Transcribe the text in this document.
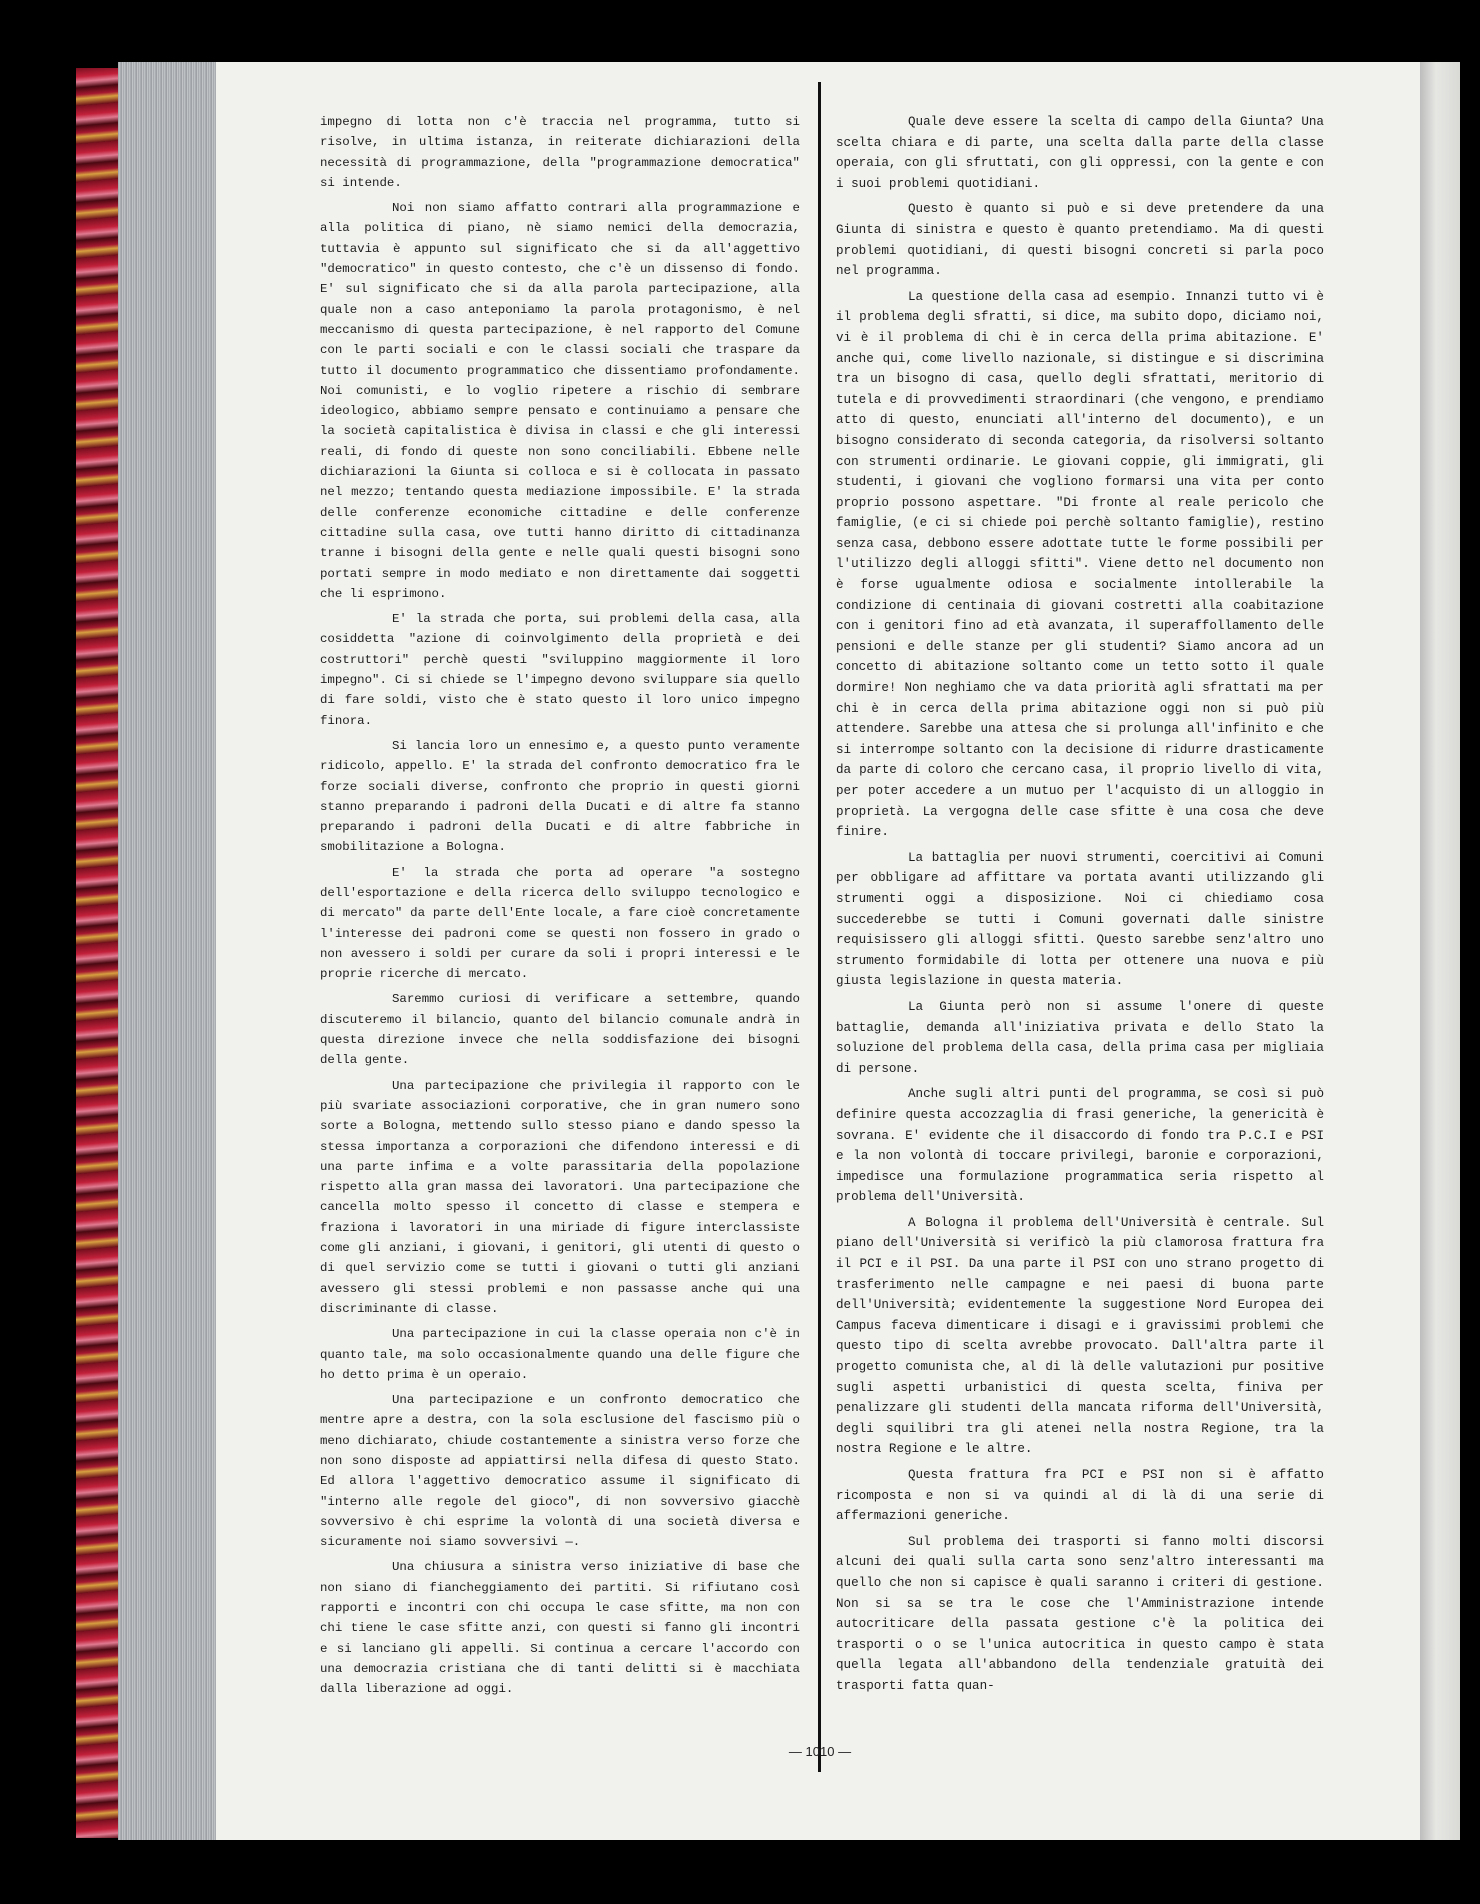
impegno di lotta non c'è traccia nel programma, tutto si risolve, in ultima istanza, in reiterate dichiarazioni della necessità di programmazione, della "programmazione democratica" si intende.

Noi non siamo affatto contrari alla programmazione e alla politica di piano, nè siamo nemici della democrazia, tuttavia è appunto sul significato che si da all'aggettivo "democratico" in questo contesto, che c'è un dissenso di fondo. E' sul significato che si da alla parola partecipazione, alla quale non a caso anteponiamo la parola protagonismo, è nel meccanismo di questa partecipazione, è nel rapporto del Comune con le parti sociali e con le classi sociali che traspare da tutto il documento programmatico che dissentiamo profondamente. Noi comunisti, e lo voglio ripetere a rischio di sembrare ideologico, abbiamo sempre pensato e continuiamo a pensare che la società capitalistica è divisa in classi e che gli interessi reali, di fondo di queste non sono conciliabili. Ebbene nelle dichiarazioni la Giunta si colloca e si è collocata in passato nel mezzo; tentando questa mediazione impossibile. E' la strada delle conferenze economiche cittadine e delle conferenze cittadine sulla casa, ove tutti hanno diritto di cittadinanza tranne i bisogni della gente e nelle quali questi bisogni sono portati sempre in modo mediato e non direttamente dai soggetti che li esprimono.

E' la strada che porta, sui problemi della casa, alla cosiddetta "azione di coinvolgimento della proprietà e dei costruttori" perchè questi "sviluppino maggiormente il loro impegno". Ci si chiede se l'impegno devono sviluppare sia quello di fare soldi, visto che è stato questo il loro unico impegno finora.

Si lancia loro un ennesimo e, a questo punto veramente ridicolo, appello. E' la strada del confronto democratico fra le forze sociali diverse, confronto che proprio in questi giorni stanno preparando i padroni della Ducati e di altre fa stanno preparando i padroni della Ducati e di altre fabbriche in smobilitazione a Bologna.

E' la strada che porta ad operare "a sostegno dell'esportazione e della ricerca dello sviluppo tecnologico e di mercato" da parte dell'Ente locale, a fare cioè concretamente l'interesse dei padroni come se questi non fossero in grado o non avessero i soldi per curare da soli i propri interessi e le proprie ricerche di mercato.

Saremmo curiosi di verificare a settembre, quando discuteremo il bilancio, quanto del bilancio comunale andrà in questa direzione invece che nella soddisfazione dei bisogni della gente.

Una partecipazione che privilegia il rapporto con le più svariate associazioni corporative, che in gran numero sono sorte a Bologna, mettendo sullo stesso piano e dando spesso la stessa importanza a corporazioni che difendono interessi e di una parte infima e a volte parassitaria della popolazione rispetto alla gran massa dei lavoratori. Una partecipazione che cancella molto spesso il concetto di classe e stempera e fraziona i lavoratori in una miriade di figure interclassiste come gli anziani, i giovani, i genitori, gli utenti di questo o di quel servizio come se tutti i giovani o tutti gli anziani avessero gli stessi problemi e non passasse anche qui una discriminante di classe.

Una partecipazione in cui la classe operaia non c'è in quanto tale, ma solo occasionalmente quando una delle figure che ho detto prima è un operaio.

Una partecipazione e un confronto democratico che mentre apre a destra, con la sola esclusione del fascismo più o meno dichiarato, chiude costantemente a sinistra verso forze che non sono disposte ad appiattirsi nella difesa di questo Stato. Ed allora l'aggettivo democratico assume il significato di "interno alle regole del gioco", di non sovversivo giacchè sovversivo è chi esprime la volontà di una società diversa e sicuramente noi siamo sovversivi —.

Una chiusura a sinistra verso iniziative di base che non siano di fiancheggiamento dei partiti. Si rifiutano così rapporti e incontri con chi occupa le case sfitte, ma non con chi tiene le case sfitte anzi, con questi si fanno gli incontri e si lanciano gli appelli. Si continua a cercare l'accordo con una democrazia cristiana che di tanti delitti si è macchiata dalla liberazione ad oggi.

Quale deve essere la scelta di campo della Giunta? Una scelta chiara e di parte, una scelta dalla parte della classe operaia, con gli sfruttati, con gli oppressi, con la gente e con i suoi problemi quotidiani.

Questo è quanto si può e si deve pretendere da una Giunta di sinistra e questo è quanto pretendiamo. Ma di questi problemi quotidiani, di questi bisogni concreti si parla poco nel programma.

La questione della casa ad esempio. Innanzi tutto vi è il problema degli sfratti, si dice, ma subito dopo, diciamo noi, vi è il problema di chi è in cerca della prima abitazione. E' anche qui, come livello nazionale, si distingue e si discrimina tra un bisogno di casa, quello degli sfrattati, meritorio di tutela e di provvedimenti straordinari (che vengono, e prendiamo atto di questo, enunciati all'interno del documento), e un bisogno considerato di seconda categoria, da risolversi soltanto con strumenti ordinarie. Le giovani coppie, gli immigrati, gli studenti, i giovani che vogliono formarsi una vita per conto proprio possono aspettare. "Di fronte al reale pericolo che famiglie, (e ci si chiede poi perchè soltanto famiglie), restino senza casa, debbono essere adottate tutte le forme possibili per l'utilizzo degli alloggi sfitti". Viene detto nel documento non è forse ugualmente odiosa e socialmente intollerabile la condizione di centinaia di giovani costretti alla coabitazione con i genitori fino ad età avanzata, il superaffollamento delle pensioni e delle stanze per gli studenti? Siamo ancora ad un concetto di abitazione soltanto come un tetto sotto il quale dormire! Non neghiamo che va data priorità agli sfrattati ma per chi è in cerca della prima abitazione oggi non si può più attendere. Sarebbe una attesa che si prolunga all'infinito e che si interrompe soltanto con la decisione di ridurre drasticamente da parte di coloro che cercano casa, il proprio livello di vita, per poter accedere a un mutuo per l'acquisto di un alloggio in proprietà. La vergogna delle case sfitte è una cosa che deve finire.

La battaglia per nuovi strumenti, coercitivi ai Comuni per obbligare ad affittare va portata avanti utilizzando gli strumenti oggi a disposizione. Noi ci chiediamo cosa succederebbe se tutti i Comuni governati dalle sinistre requisissero gli alloggi sfitti. Questo sarebbe senz'altro uno strumento formidabile di lotta per ottenere una nuova e più giusta legislazione in questa materia.

La Giunta però non si assume l'onere di queste battaglie, demanda all'iniziativa privata e dello Stato la soluzione del problema della casa, della prima casa per migliaia di persone.

Anche sugli altri punti del programma, se così si può definire questa accozzaglia di frasi generiche, la genericità è sovrana. E' evidente che il disaccordo di fondo tra P.C.I e PSI e la non volontà di toccare privilegi, baronie e corporazioni, impedisce una formulazione programmatica seria rispetto al problema dell'Università.

A Bologna il problema dell'Università è centrale. Sul piano dell'Università si verificò la più clamorosa frattura fra il PCI e il PSI. Da una parte il PSI con uno strano progetto di trasferimento nelle campagne e nei paesi di buona parte dell'Università; evidentemente la suggestione Nord Europea dei Campus faceva dimenticare i disagi e i gravissimi problemi che questo tipo di scelta avrebbe provocato. Dall'altra parte il progetto comunista che, al di là delle valutazioni pur positive sugli aspetti urbanistici di questa scelta, finiva per penalizzare gli studenti della mancata riforma dell'Università, degli squilibri tra gli atenei nella nostra Regione, tra la nostra Regione e le altre.

Questa frattura fra PCI e PSI non si è affatto ricomposta e non si va quindi al di là di una serie di affermazioni generiche.

Sul problema dei trasporti si fanno molti discorsi alcuni dei quali sulla carta sono senz'altro interessanti ma quello che non si capisce è quali saranno i criteri di gestione. Non si sa se tra le cose che l'Amministrazione intende autocriticare della passata gestione c'è la politica dei trasporti o o se l'unica autocritica in questo campo è stata quella legata all'abbandono della tendenziale gratuità dei trasporti fatta quan-

— 1010 —
